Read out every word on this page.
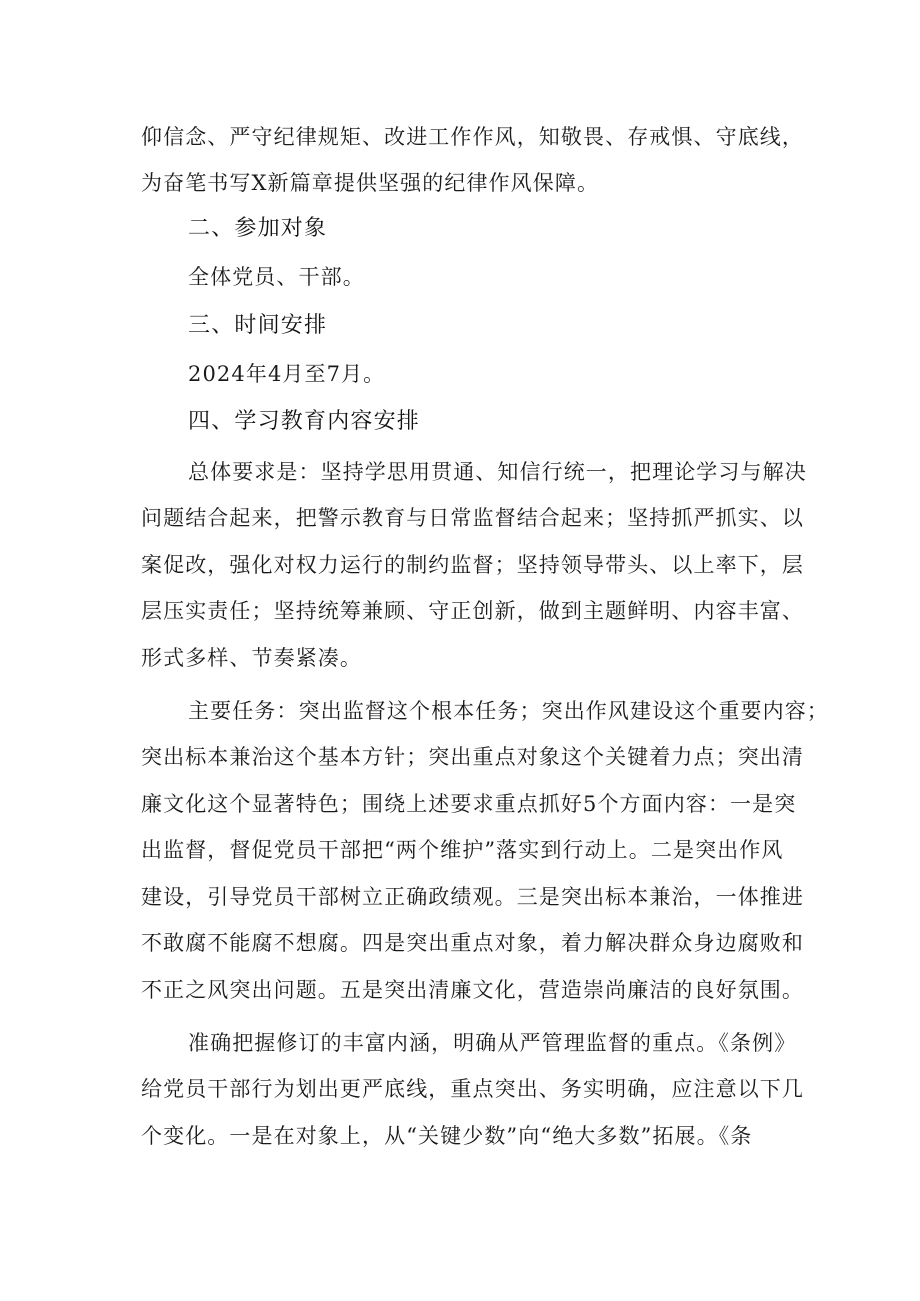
仰信念、严守纪律规矩、改进工作作风，知敬畏、存戒惧、守底线，
为奋笔书写X新篇章提供坚强的纪律作风保障。
二、参加对象
全体党员、干部。
三、时间安排
2024年4月至7月。
四、学习教育内容安排
总体要求是：坚持学思用贯通、知信行统一，把理论学习与解决
问题结合起来，把警示教育与日常监督结合起来；坚持抓严抓实、以
案促改，强化对权力运行的制约监督；坚持领导带头、以上率下，层
层压实责任；坚持统筹兼顾、守正创新，做到主题鲜明、内容丰富、
形式多样、节奏紧凑。
主要任务：突出监督这个根本任务；突出作风建设这个重要内容；
突出标本兼治这个基本方针；突出重点对象这个关键着力点；突出清
廉文化这个显著特色；围绕上述要求重点抓好5个方面内容：一是突
出监督，督促党员干部把“两个维护”落实到行动上。二是突出作风
建设，引导党员干部树立正确政绩观。三是突出标本兼治，一体推进
不敢腐不能腐不想腐。四是突出重点对象，着力解决群众身边腐败和
不正之风突出问题。五是突出清廉文化，营造崇尚廉洁的良好氛围。
准确把握修订的丰富内涵，明确从严管理监督的重点。《条例》
给党员干部行为划出更严底线，重点突出、务实明确，应注意以下几
个变化。一是在对象上，从“关键少数”向“绝大多数”拓展。《条
